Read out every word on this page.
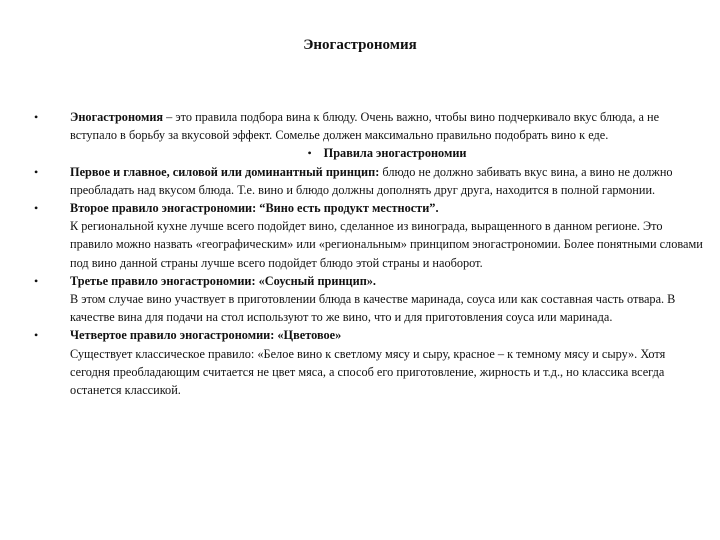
Эногастрономия

•	Эногастрономия – это правила подбора вина к блюду. Очень важно, чтобы вино подчеркивало вкус блюда, а не вступало в борьбу за вкусовой эффект. Сомелье должен максимально правильно подобрать вино к еде.

• Правила эногастрономии

•	Первое и главное, силовой или доминантный принцип: блюдо не должно забивать вкус вина, а вино не должно преобладать над вкусом блюда. Т.е. вино и блюдо должны дополнять друг друга, находится в полной гармонии.

•	Второе правило эногастрономии: “Вино есть продукт местности”.
К региональной кухне лучше всего подойдет вино, сделанное из винограда, выращенного в данном регионе. Это правило можно назвать «географическим» или «региональным» принципом эногастрономии. Более понятными словами под вино данной страны лучше всего подойдет блюдо этой страны и наоборот.

•	Третье правило эногастрономии: «Соусный принцип».
В этом случае вино участвует в приготовлении блюда в качестве маринада, соуса или как составная часть отвара. В качестве вина для подачи на стол используют то же вино, что и для приготовления соуса или маринада.

•	Четвертое правило эногастрономии: «Цветовое»
Существует классическое правило: «Белое вино к светлому мясу и сыру, красное – к темному мясу и сыру». Хотя сегодня преобладающим считается не цвет мяса, а способ его приготовление, жирность и т.д., но классика всегда останется классикой.
